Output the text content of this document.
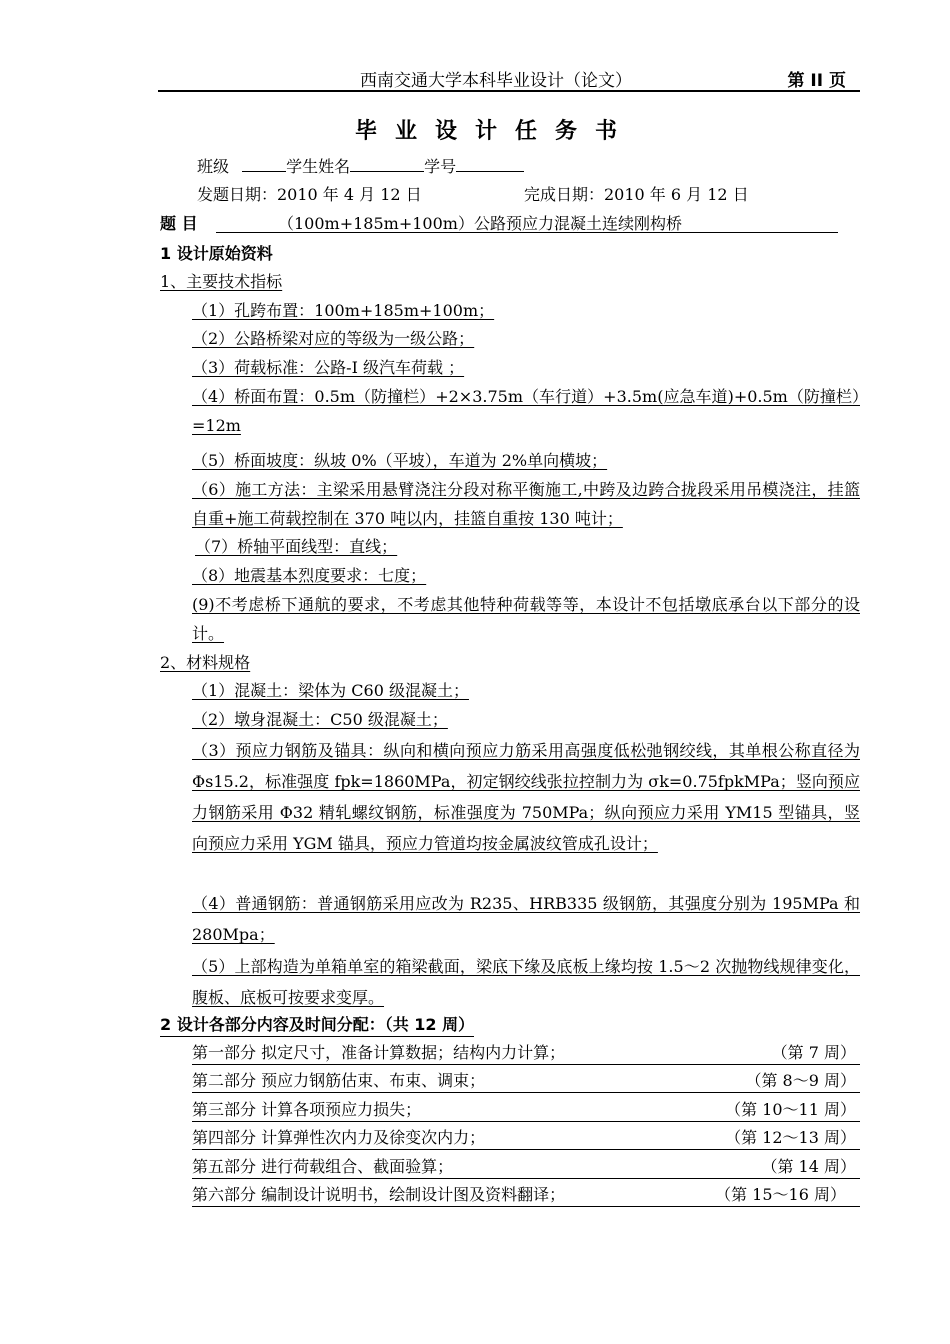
西南交通大学本科毕业设计（论文）	第 II 页
毕业设计任务书
班级	学生姓名	学号
发题日期：2010 年 4 月 12 日	完成日期：2010 年 6 月 12 日
题 目	（100m+185m+100m）公路预应力混凝土连续刚构桥
1 设计原始资料
1、主要技术指标
（1）孔跨布置：100m+185m+100m；
（2）公路桥梁对应的等级为一级公路；
（3）荷载标准：公路-I 级汽车荷载 ；
（4）桥面布置：0.5m（防撞栏）+2×3.75m（车行道）+3.5m(应急车道)+0.5m（防撞栏）=12m
（5）桥面坡度：纵坡 0%（平坡），车道为 2%单向横坡；
（6）施工方法：主梁采用悬臂浇注分段对称平衡施工,中跨及边跨合拢段采用吊模浇注，挂篮自重+施工荷载控制在 370 吨以内，挂篮自重按 130 吨计；
（7）桥轴平面线型：直线；
（8）地震基本烈度要求：七度；
(9)不考虑桥下通航的要求，不考虑其他特种荷载等等，本设计不包括墩底承台以下部分的设计。
2、材料规格
（1）混凝土：梁体为 C60 级混凝土；
（2）墩身混凝土：C50 级混凝土；
（3）预应力钢筋及锚具：纵向和横向预应力筋采用高强度低松弛钢绞线，其单根公称直径为 Φs15.2，标准强度 fpk=1860MPa，初定钢绞线张拉控制力为 σk=0.75fpkMPa；竖向预应力钢筋采用 Φ32 精轧螺纹钢筋，标准强度为 750MPa；纵向预应力采用 YM15 型锚具，竖向预应力采用 YGM 锚具，预应力管道均按金属波纹管成孔设计；
（4）普通钢筋：普通钢筋采用应改为 R235、HRB335 级钢筋，其强度分别为 195MPa 和 280Mpa；
（5）上部构造为单箱单室的箱梁截面，梁底下缘及底板上缘均按 1.5～2 次抛物线规律变化，腹板、底板可按要求变厚。
2 设计各部分内容及时间分配：（共 12 周）
第一部分 拟定尺寸，准备计算数据；结构内力计算；	（第 7 周）
第二部分 预应力钢筋估束、布束、调束；	（第 8～9 周）
第三部分 计算各项预应力损失；	（第 10～11 周）
第四部分 计算弹性次内力及徐变次内力；	（第 12～13 周）
第五部分 进行荷载组合、截面验算；	（第 14 周）
第六部分 编制设计说明书，绘制设计图及资料翻译；	（第 15～16 周）
